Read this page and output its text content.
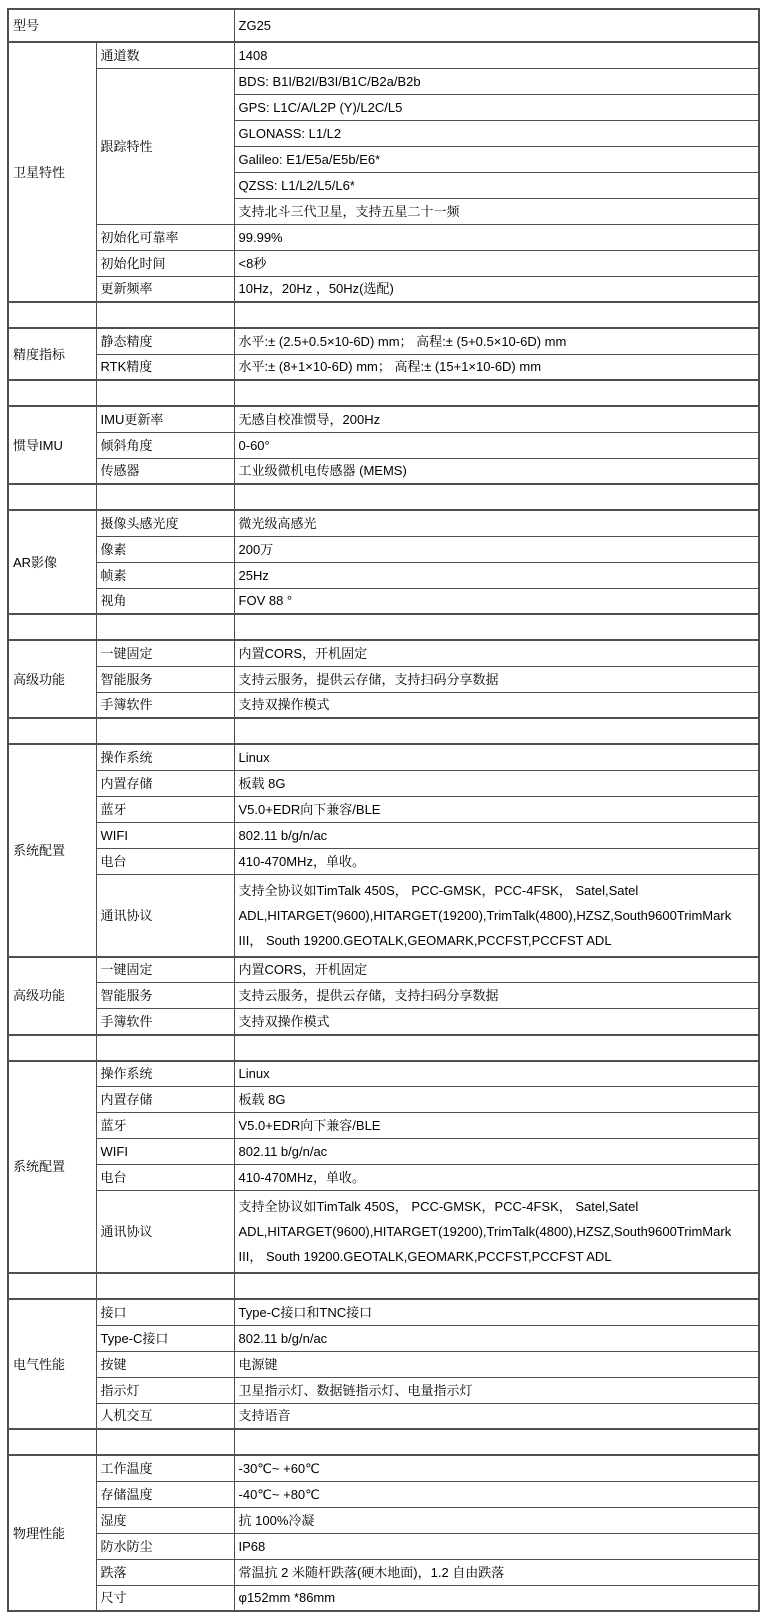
型号		ZG25
卫星特性	通道数	1408
	跟踪特性	BDS: B1I/B2I/B3I/B1C/B2a/B2b
		GPS: L1C/A/L2P (Y)/L2C/L5
		GLONASS: L1/L2
		Galileo: E1/E5a/E5b/E6*
		QZSS: L1/L2/L5/L6*
		支持北斗三代卫星，支持五星二十一频
	初始化可靠率	99.99%
	初始化时间	<8秒
	更新频率	10Hz，20Hz ，50Hz(选配)

精度指标	静态精度	水平:± (2.5+0.5×10-6D) mm； 高程:± (5+0.5×10-6D) mm
	RTK精度	水平:± (8+1×10-6D) mm； 高程:± (15+1×10-6D) mm

惯导IMU	IMU更新率	无感自校准惯导，200Hz
	倾斜角度	0-60°
	传感器	工业级微机电传感器 (MEMS)

AR影像	摄像头感光度	微光级高感光
	像素	200万
	帧素	25Hz
	视角	FOV 88 °

高级功能	一键固定	内置CORS，开机固定
	智能服务	支持云服务，提供云存储，支持扫码分享数据
	手簿软件	支持双操作模式

系统配置	操作系统	Linux
	内置存储	板载 8G
	蓝牙	V5.0+EDR向下兼容/BLE
	WIFI	802.11 b/g/n/ac
	电台	410-470MHz，单收。
	通讯协议	支持全协议如TimTalk 450S， PCC-GMSK，PCC-4FSK， Satel,Satel ADL,HITARGET(9600),HITARGET(19200),TrimTalk(4800),HZSZ,South9600TrimMark III， South 19200.GEOTALK,GEOMARK,PCCFST,PCCFST ADL
高级功能	一键固定	内置CORS，开机固定
	智能服务	支持云服务，提供云存储，支持扫码分享数据
	手簿软件	支持双操作模式

系统配置	操作系统	Linux
	内置存储	板载 8G
	蓝牙	V5.0+EDR向下兼容/BLE
	WIFI	802.11 b/g/n/ac
	电台	410-470MHz，单收。
	通讯协议	支持全协议如TimTalk 450S， PCC-GMSK，PCC-4FSK， Satel,Satel ADL,HITARGET(9600),HITARGET(19200),TrimTalk(4800),HZSZ,South9600TrimMark III， South 19200.GEOTALK,GEOMARK,PCCFST,PCCFST ADL

电气性能	接口	Type-C接口和TNC接口
	Type-C接口	802.11 b/g/n/ac
	按键	电源键
	指示灯	卫星指示灯、数据链指示灯、电量指示灯
	人机交互	支持语音

物理性能	工作温度	-30℃~ +60℃
	存储温度	-40℃~ +80℃
	湿度	抗 100%冷凝
	防水防尘	IP68
	跌落	常温抗 2 米随杆跌落(硬木地面)，1.2 自由跌落
	尺寸	φ152mm *86mm
